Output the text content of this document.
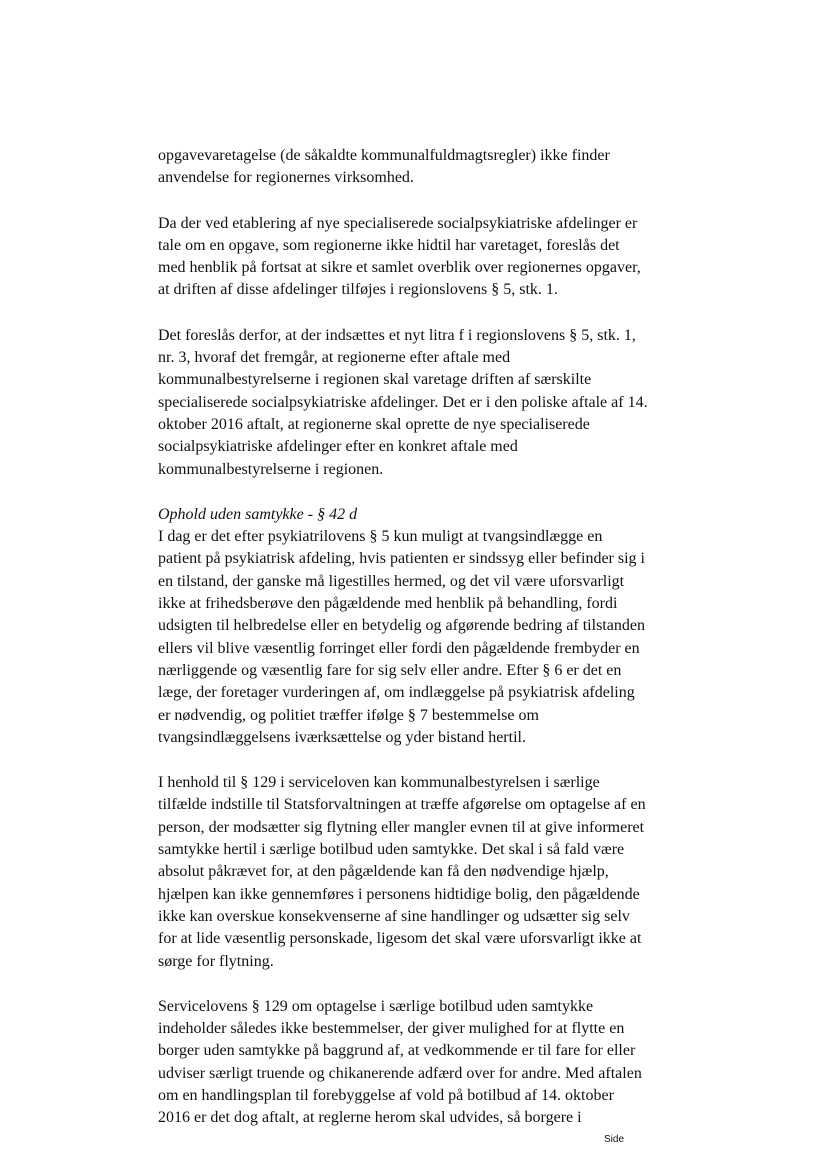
opgavevaretagelse (de såkaldte kommunalfuldmagtsregler) ikke finder
anvendelse for regionernes virksomhed.

Da der ved etablering af nye specialiserede socialpsykiatriske afdelinger er
tale om en opgave, som regionerne ikke hidtil har varetaget, foreslås det
med henblik på fortsat at sikre et samlet overblik over regionernes opgaver,
at driften af disse afdelinger tilføjes i regionslovens § 5, stk. 1.

Det foreslås derfor, at der indsættes et nyt litra f i regionslovens § 5, stk. 1,
nr. 3, hvoraf det fremgår, at regionerne efter aftale med
kommunalbestyrelserne i regionen skal varetage driften af særskilte
specialiserede socialpsykiatriske afdelinger. Det er i den poliske aftale af 14.
oktober 2016 aftalt, at regionerne skal oprette de nye specialiserede
socialpsykiatriske afdelinger efter en konkret aftale med
kommunalbestyrelserne i regionen.

Ophold uden samtykke - § 42 d
I dag er det efter psykiatrilovens § 5 kun muligt at tvangsindlægge en
patient på psykiatrisk afdeling, hvis patienten er sindssyg eller befinder sig i
en tilstand, der ganske må ligestilles hermed, og det vil være uforsvarligt
ikke at frihedsberøve den pågældende med henblik på behandling, fordi
udsigten til helbredelse eller en betydelig og afgørende bedring af tilstanden
ellers vil blive væsentlig forringet eller fordi den pågældende frembyder en
nærliggende og væsentlig fare for sig selv eller andre. Efter § 6 er det en
læge, der foretager vurderingen af, om indlæggelse på psykiatrisk afdeling
er nødvendig, og politiet træffer ifølge § 7 bestemmelse om
tvangsindlæggelsens iværksættelse og yder bistand hertil.

I henhold til § 129 i serviceloven kan kommunalbestyrelsen i særlige
tilfælde indstille til Statsforvaltningen at træffe afgørelse om optagelse af en
person, der modsætter sig flytning eller mangler evnen til at give informeret
samtykke hertil i særlige botilbud uden samtykke. Det skal i så fald være
absolut påkrævet for, at den pågældende kan få den nødvendige hjælp,
hjælpen kan ikke gennemføres i personens hidtidige bolig, den pågældende
ikke kan overskue konsekvenserne af sine handlinger og udsætter sig selv
for at lide væsentlig personskade, ligesom det skal være uforsvarligt ikke at
sørge for flytning.

Servicelovens § 129 om optagelse i særlige botilbud uden samtykke
indeholder således ikke bestemmelser, der giver mulighed for at flytte en
borger uden samtykke på baggrund af, at vedkommende er til fare for eller
udviser særligt truende og chikanerende adfærd over for andre. Med aftalen
om en handlingsplan til forebyggelse af vold på botilbud af 14. oktober
2016 er det dog aftalt, at reglerne herom skal udvides, så borgere i

Side
